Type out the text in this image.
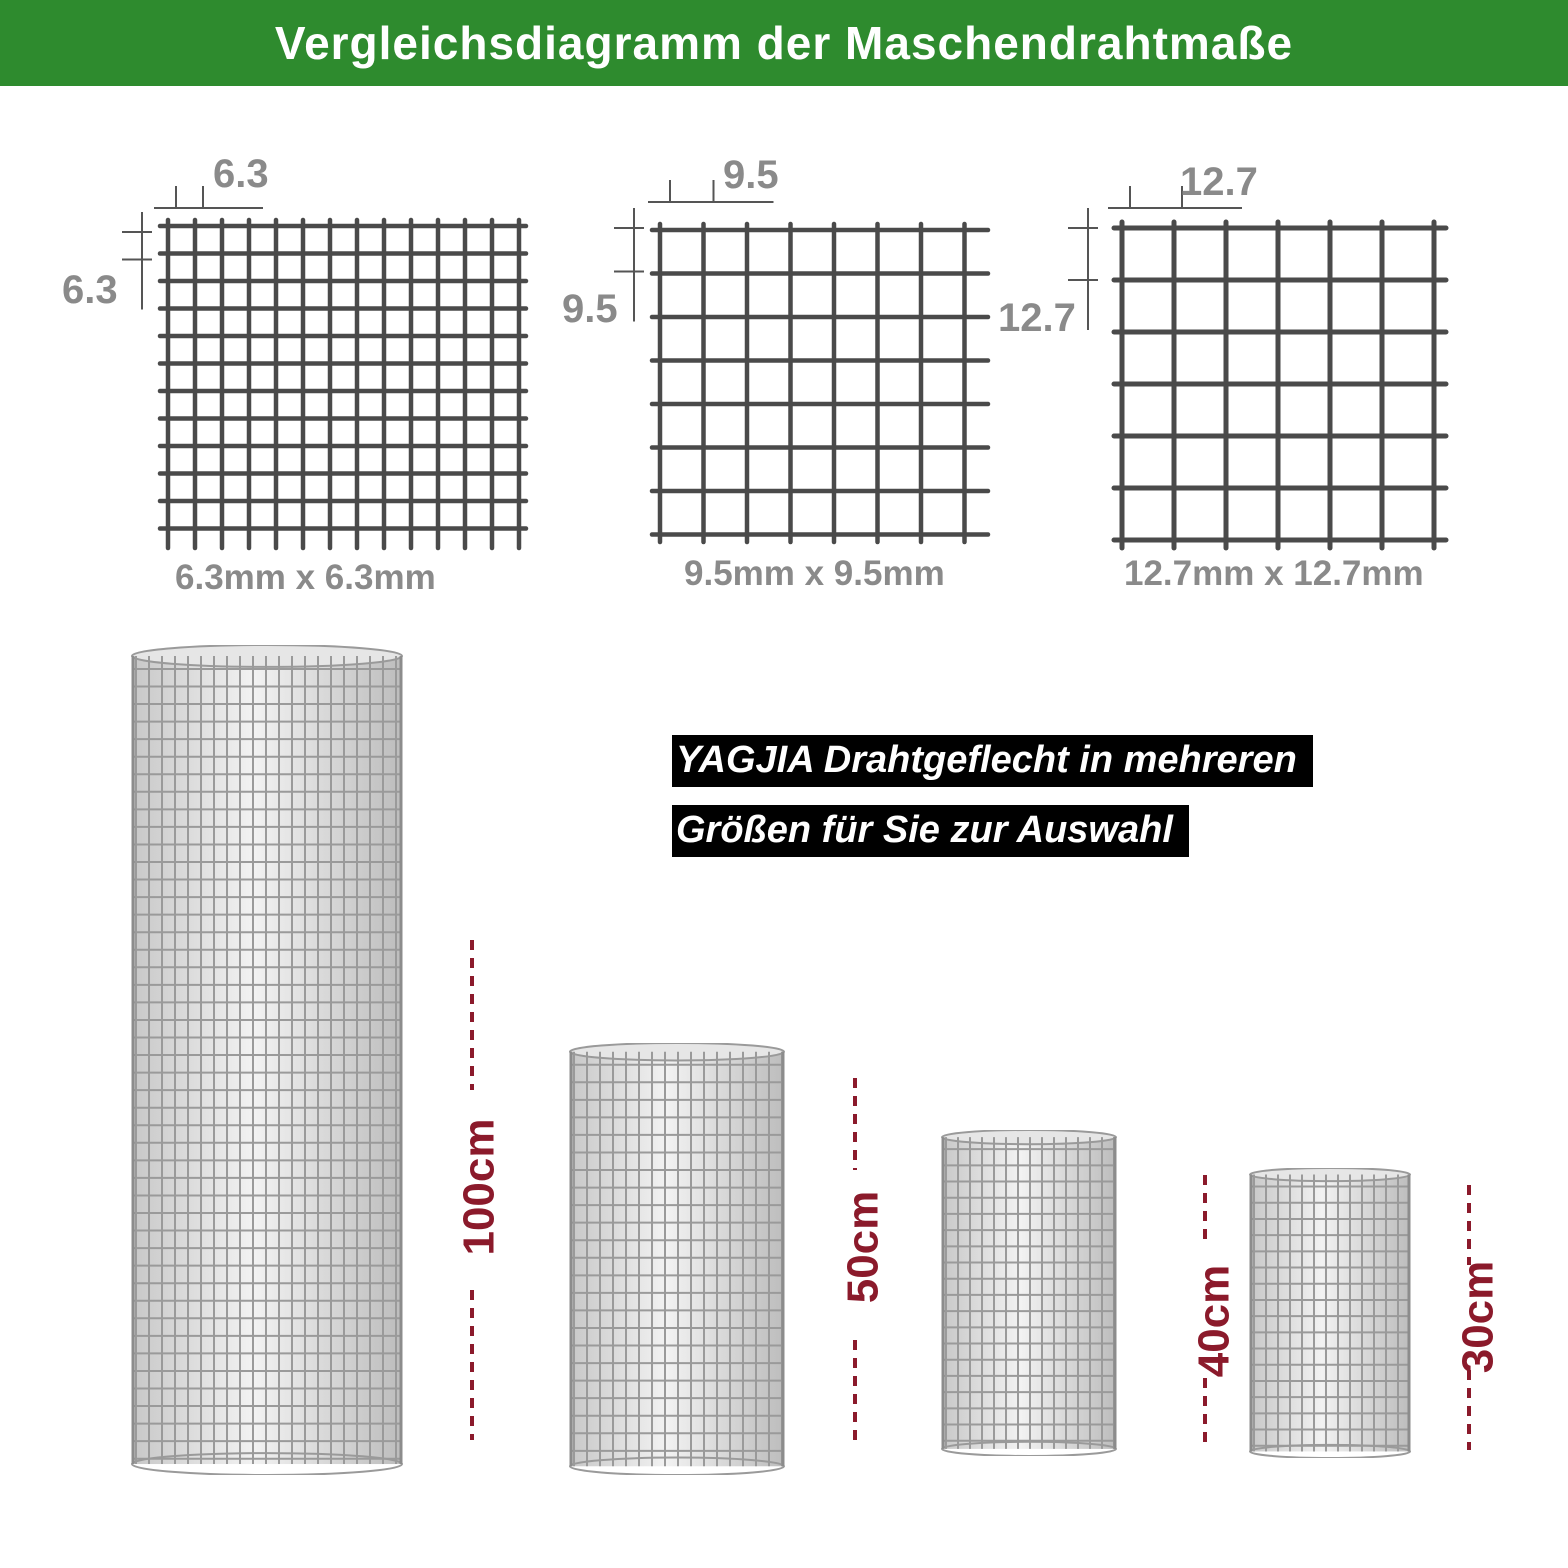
Vergleichsdiagramm der Maschendrahtmaße
6.3
6.3
6.3mm x 6.3mm
9.5
9.5
9.5mm x 9.5mm
12.7
12.7
12.7mm x 12.7mm
YAGJIA Drahtgeflecht in mehreren
Größen für Sie zur Auswahl
100cm	50cm
40cm	30cm
